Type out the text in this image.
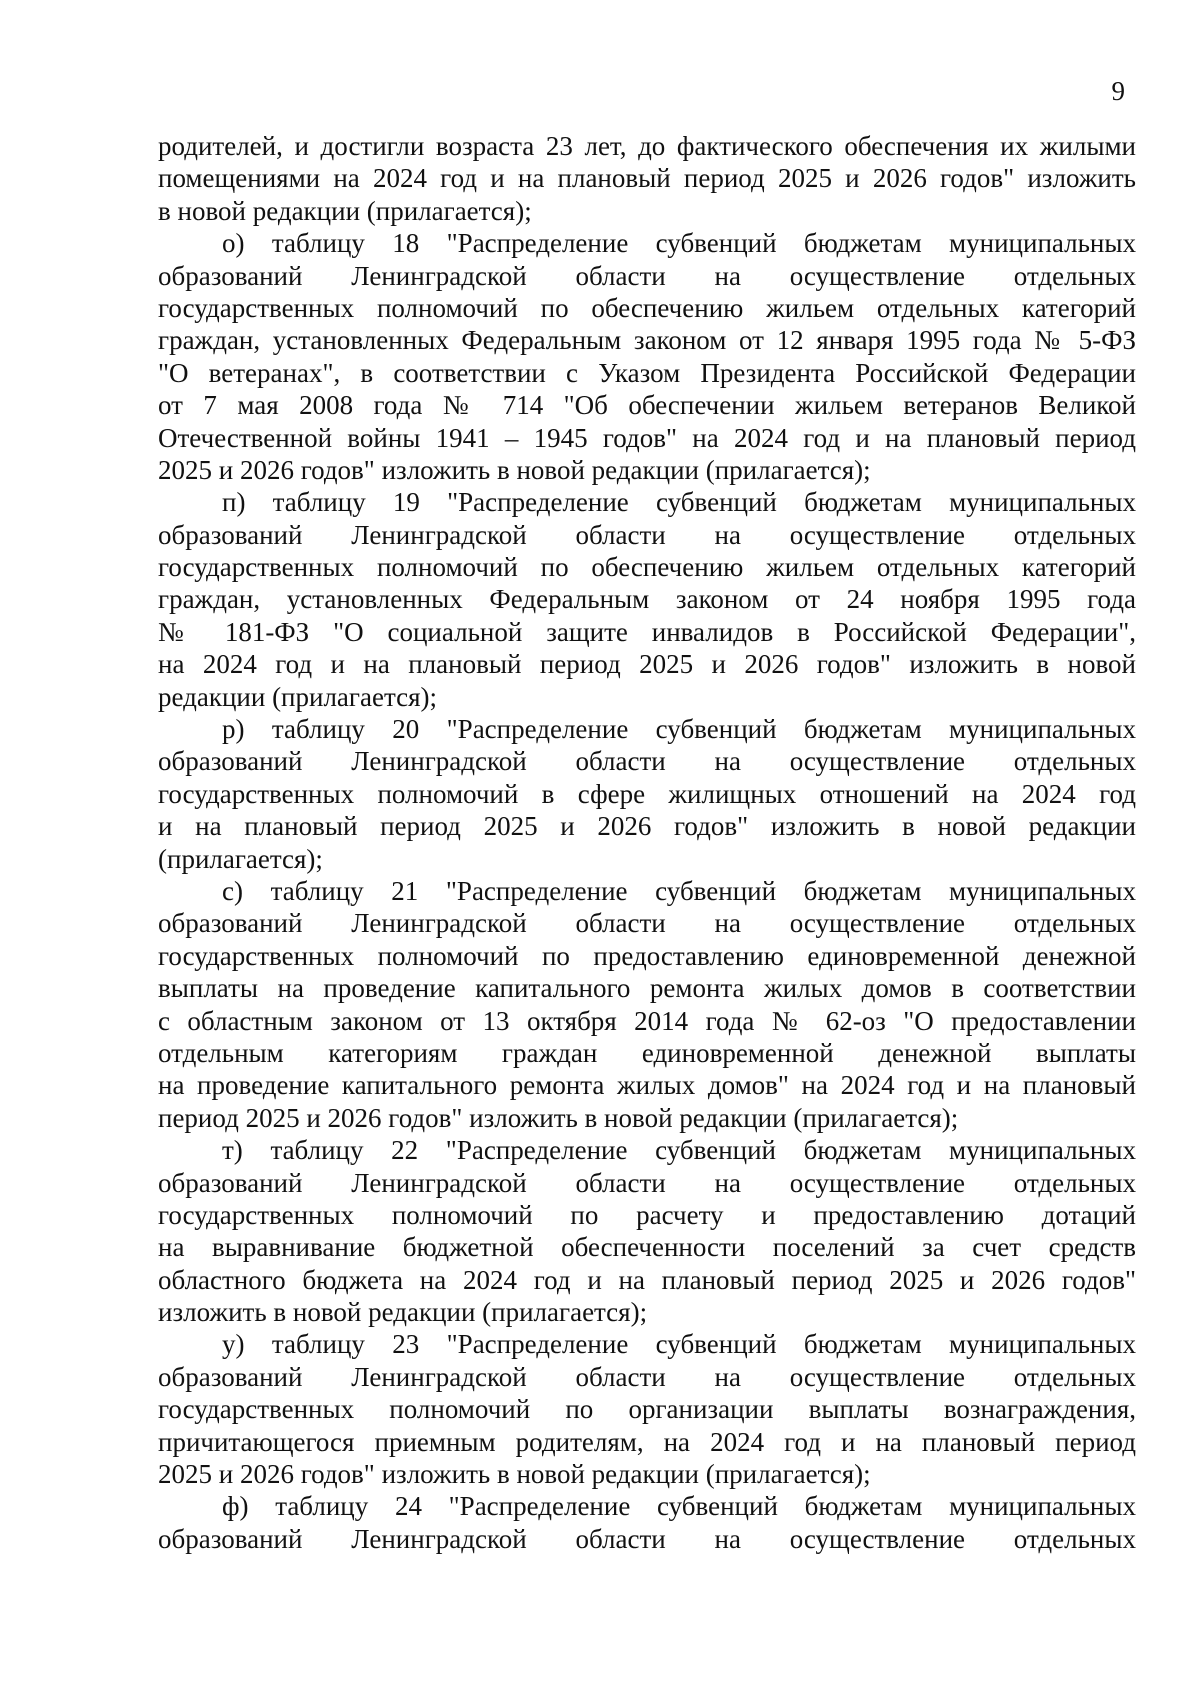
9
родителей, и достигли возраста 23 лет, до фактического обеспечения их жилыми
помещениями на 2024 год и на плановый период 2025 и 2026 годов" изложить
в новой редакции (прилагается);
о) таблицу 18 "Распределение субвенций бюджетам муниципальных
образований Ленинградской области на осуществление отдельных
государственных полномочий по обеспечению жильем отдельных категорий
граждан, установленных Федеральным законом от 12 января 1995 года № 5-ФЗ
"О ветеранах", в соответствии с Указом Президента Российской Федерации
от 7 мая 2008 года № 714 "Об обеспечении жильем ветеранов Великой
Отечественной войны 1941 – 1945 годов" на 2024 год и на плановый период
2025 и 2026 годов" изложить в новой редакции (прилагается);
п) таблицу 19 "Распределение субвенций бюджетам муниципальных
образований Ленинградской области на осуществление отдельных
государственных полномочий по обеспечению жильем отдельных категорий
граждан, установленных Федеральным законом от 24 ноября 1995 года
№ 181-ФЗ "О социальной защите инвалидов в Российской Федерации",
на 2024 год и на плановый период 2025 и 2026 годов" изложить в новой
редакции (прилагается);
р) таблицу 20 "Распределение субвенций бюджетам муниципальных
образований Ленинградской области на осуществление отдельных
государственных полномочий в сфере жилищных отношений на 2024 год
и на плановый период 2025 и 2026 годов" изложить в новой редакции
(прилагается);
с) таблицу 21 "Распределение субвенций бюджетам муниципальных
образований Ленинградской области на осуществление отдельных
государственных полномочий по предоставлению единовременной денежной
выплаты на проведение капитального ремонта жилых домов в соответствии
с областным законом от 13 октября 2014 года № 62-оз "О предоставлении
отдельным категориям граждан единовременной денежной выплаты
на проведение капитального ремонта жилых домов" на 2024 год и на плановый
период 2025 и 2026 годов" изложить в новой редакции (прилагается);
т) таблицу 22 "Распределение субвенций бюджетам муниципальных
образований Ленинградской области на осуществление отдельных
государственных полномочий по расчету и предоставлению дотаций
на выравнивание бюджетной обеспеченности поселений за счет средств
областного бюджета на 2024 год и на плановый период 2025 и 2026 годов"
изложить в новой редакции (прилагается);
у) таблицу 23 "Распределение субвенций бюджетам муниципальных
образований Ленинградской области на осуществление отдельных
государственных полномочий по организации выплаты вознаграждения,
причитающегося приемным родителям, на 2024 год и на плановый период
2025 и 2026 годов" изложить в новой редакции (прилагается);
ф) таблицу 24 "Распределение субвенций бюджетам муниципальных
образований Ленинградской области на осуществление отдельных
